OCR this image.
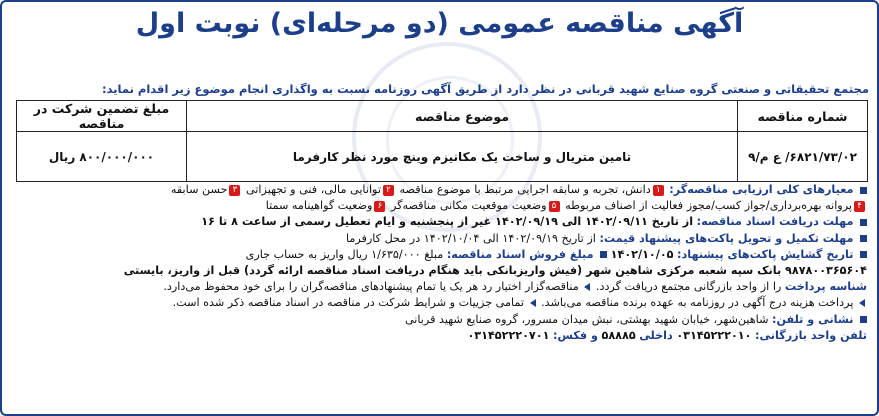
آگهی مناقصه عمومی (دو مرحله‌ای) نوبت اول
مجتمع تحقیقاتی و صنعتی گروه صنایع شهید قربانی در نظر دارد از طریق آگهی روزنامه نسبت به واگذاری انجام موضوع زیر اقدام نماید:
شماره مناقصه	موضوع مناقصه	مبلغ تضمین شرکت در مناقصه
۶۸۲۱/۷۳/۰۲/ ع م/۹	تامین متریال و ساخت یک مکانیزم وینچ مورد نظر کارفرما	۸۰۰/۰۰۰/۰۰۰ ریال
معیارهای کلی ارزیابی مناقصه‌گر: ۱دانش، تجربه و سابقه اجرایی مرتبط با موضوع مناقصه ۲توانایی مالی، فنی و تجهیزاتی ۳حسن سابقه
۴پروانه بهره‌برداری/جواز کسب/مجوز فعالیت از اصناف مربوطه ۵وضعیت موقعیت مکانی مناقصه‌گر ۶وضعیت گواهینامه سمتا
مهلت دریافت اسناد مناقصه: از تاریخ ۱۴۰۲/۰۹/۱۱ الی ۱۴۰۲/۰۹/۱۹ غیر از پنجشنبه و ایام تعطیل رسمی از ساعت ۸ تا ۱۶
مهلت تکمیل و تحویل پاکت‌های پیشنهاد قیمت: از تاریخ ۱۴۰۲/۰۹/۱۹ الی ۱۴۰۲/۱۰/۰۴ در محل کارفرما
تاریخ گشایش پاکت‌های پیشنهاد: ۱۴۰۲/۱۰/۰۵  مبلغ فروش اسناد مناقصه: مبلغ ۱/۶۳۵/۰۰۰ ریال واریز به حساب جاری
۹۸۷۸۰۰۳۶۵۶۰۴ بانک سپه شعبه مرکزی شاهین شهر (فیش واریزبانکی باید هنگام دریافت اسناد مناقصه ارائه گردد) قبل از واریز، بایستی
شناسه پرداخت را از واحد بازرگانی مجتمع دریافت گردد.  مناقصه‌گزار اختیار رد هر یک یا تمام پیشنهادهای مناقصه‌گران را برای خود محفوظ می‌دارد.
پرداخت هزینه درج آگهی در روزنامه به عهده برنده مناقصه می‌باشد.  تمامی جزییات و شرایط شرکت در مناقصه در اسناد مناقصه ذکر شده است.
نشانی و تلفن: شاهین‌شهر، خیابان شهید بهشتی، نبش میدان مسرور، گروه صنایع شهید قربانی
تلفن واحد بازرگانی: ۰۳۱۴۵۲۲۲۰۱۰ داخلی ۵۸۸۸۵ و فکس: ۰۳۱۴۵۲۲۲۰۷۰۱
